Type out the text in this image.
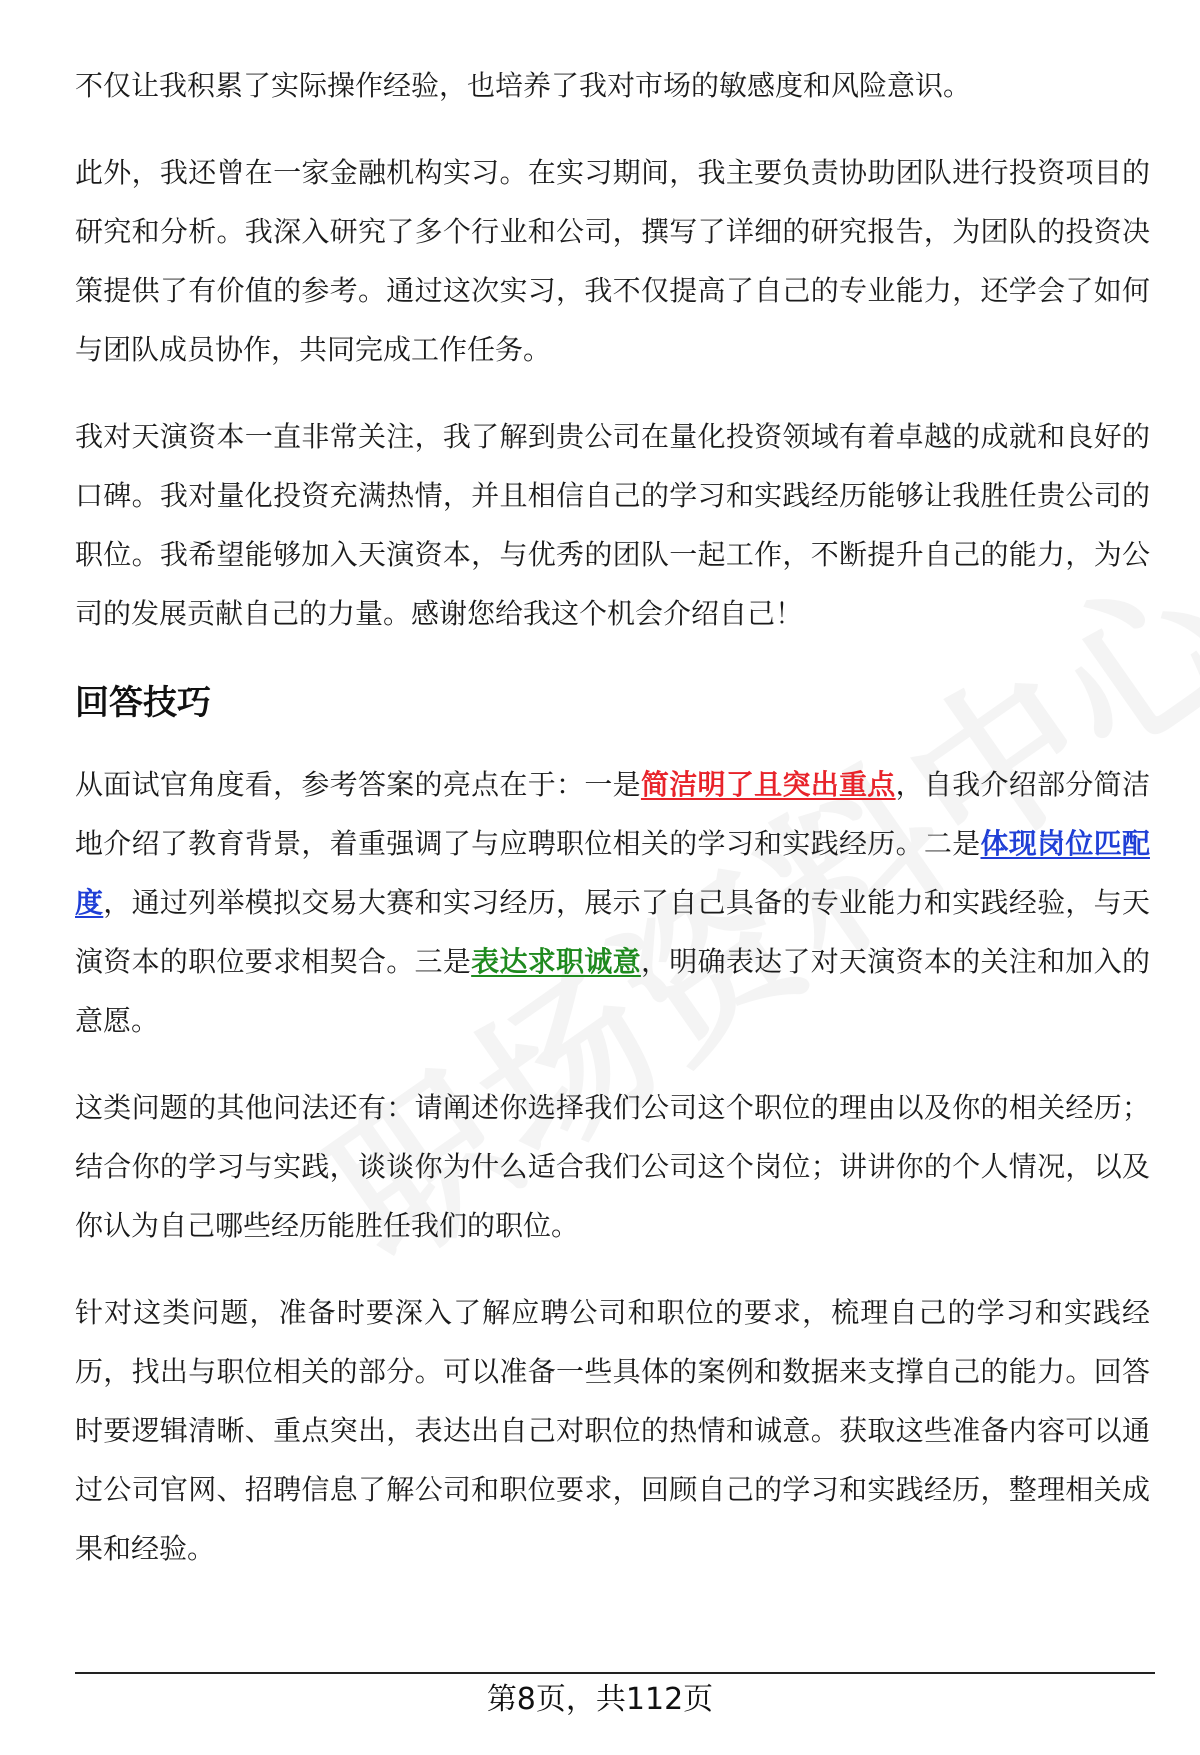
不仅让我积累了实际操作经验，也培养了我对市场的敏感度和风险意识。

此外，我还曾在一家金融机构实习。在实习期间，我主要负责协助团队进行投资项目的研究和分析。我深入研究了多个行业和公司，撰写了详细的研究报告，为团队的投资决策提供了有价值的参考。通过这次实习，我不仅提高了自己的专业能力，还学会了如何与团队成员协作，共同完成工作任务。

我对天演资本一直非常关注，我了解到贵公司在量化投资领域有着卓越的成就和良好的口碑。我对量化投资充满热情，并且相信自己的学习和实践经历能够让我胜任贵公司的职位。我希望能够加入天演资本，与优秀的团队一起工作，不断提升自己的能力，为公司的发展贡献自己的力量。感谢您给我这个机会介绍自己！

回答技巧

从面试官角度看，参考答案的亮点在于：一是简洁明了且突出重点，自我介绍部分简洁地介绍了教育背景，着重强调了与应聘职位相关的学习和实践经历。二是体现岗位匹配度，通过列举模拟交易大赛和实习经历，展示了自己具备的专业能力和实践经验，与天演资本的职位要求相契合。三是表达求职诚意，明确表达了对天演资本的关注和加入的意愿。

这类问题的其他问法还有：请阐述你选择我们公司这个职位的理由以及你的相关经历；结合你的学习与实践，谈谈你为什么适合我们公司这个岗位；讲讲你的个人情况，以及你认为自己哪些经历能胜任我们的职位。

针对这类问题，准备时要深入了解应聘公司和职位的要求，梳理自己的学习和实践经历，找出与职位相关的部分。可以准备一些具体的案例和数据来支撑自己的能力。回答时要逻辑清晰、重点突出，表达出自己对职位的热情和诚意。获取这些准备内容可以通过公司官网、招聘信息了解公司和职位要求，回顾自己的学习和实践经历，整理相关成果和经验。

第8页，共112页
